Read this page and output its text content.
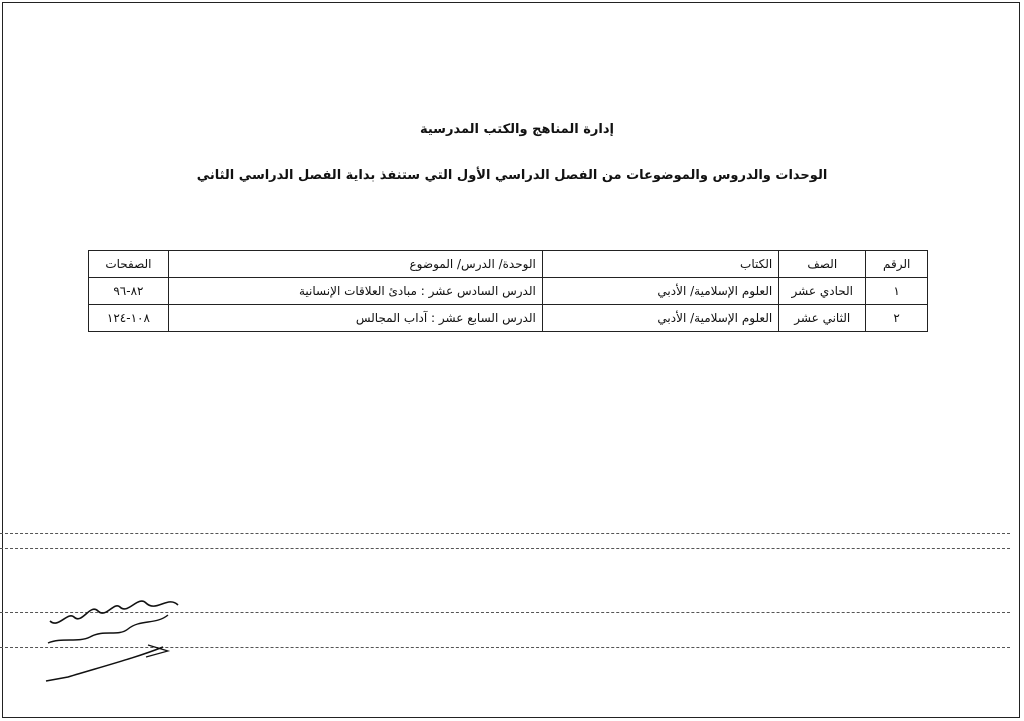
إدارة المناهج والكتب المدرسية
الوحدات والدروس والموضوعات من الفصل الدراسي الأول التي ستنفذ بداية الفصل الدراسي الثاني
الرقم	الصف	الكتاب	الوحدة/ الدرس/ الموضوع	الصفحات
١	الحادي عشر	العلوم الإسلامية/ الأدبي	الدرس السادس عشر : مبادئ العلاقات الإنسانية	٨٢-٩٦
٢	الثاني عشر	العلوم الإسلامية/ الأدبي	الدرس السابع عشر : آداب المجالس	١٠٨-١٢٤
